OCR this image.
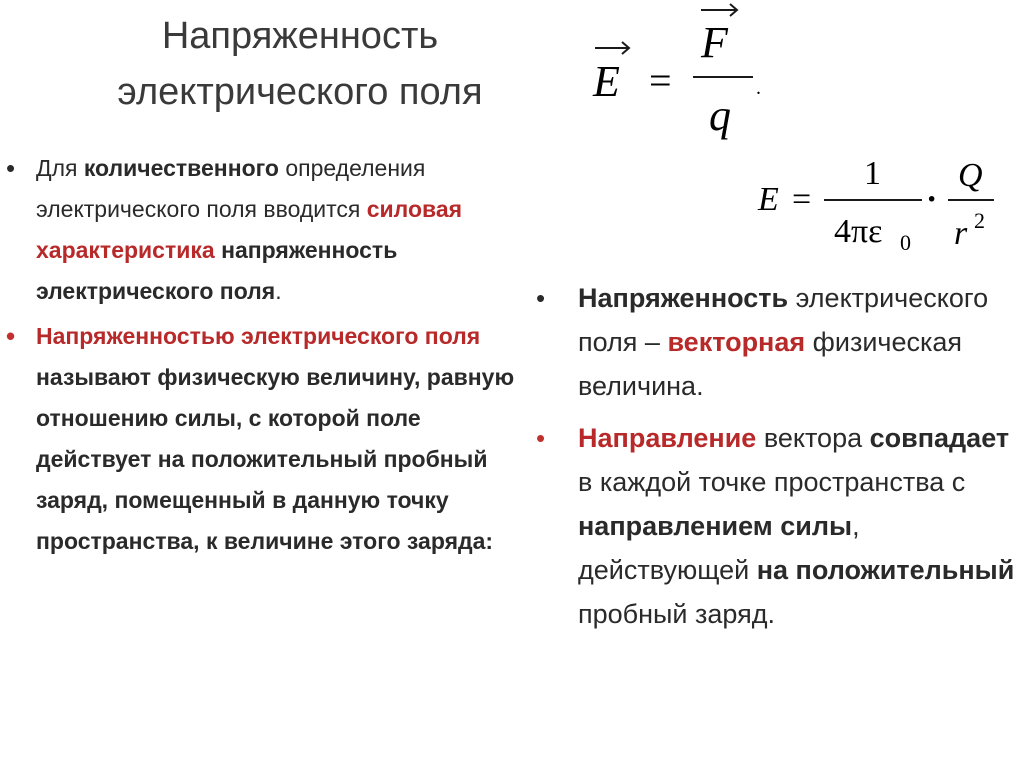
Напряженность
электрического поля	E =
F
q
.
E =
1
4πε 0
·
Q
r 2
• Для количественного определения электрического поля вводится силовая характеристика напряженность электрического поля.
• Напряженностью электрического поля называют физическую величину, равную отношению силы, с которой поле действует на положительный пробный заряд, помещенный в данную точку пространства, к величине этого заряда:
• Напряженность электрического поля – векторная физическая величина.
• Направление вектора совпадает в каждой точке пространства с направлением силы, действующей на положительный пробный заряд.
